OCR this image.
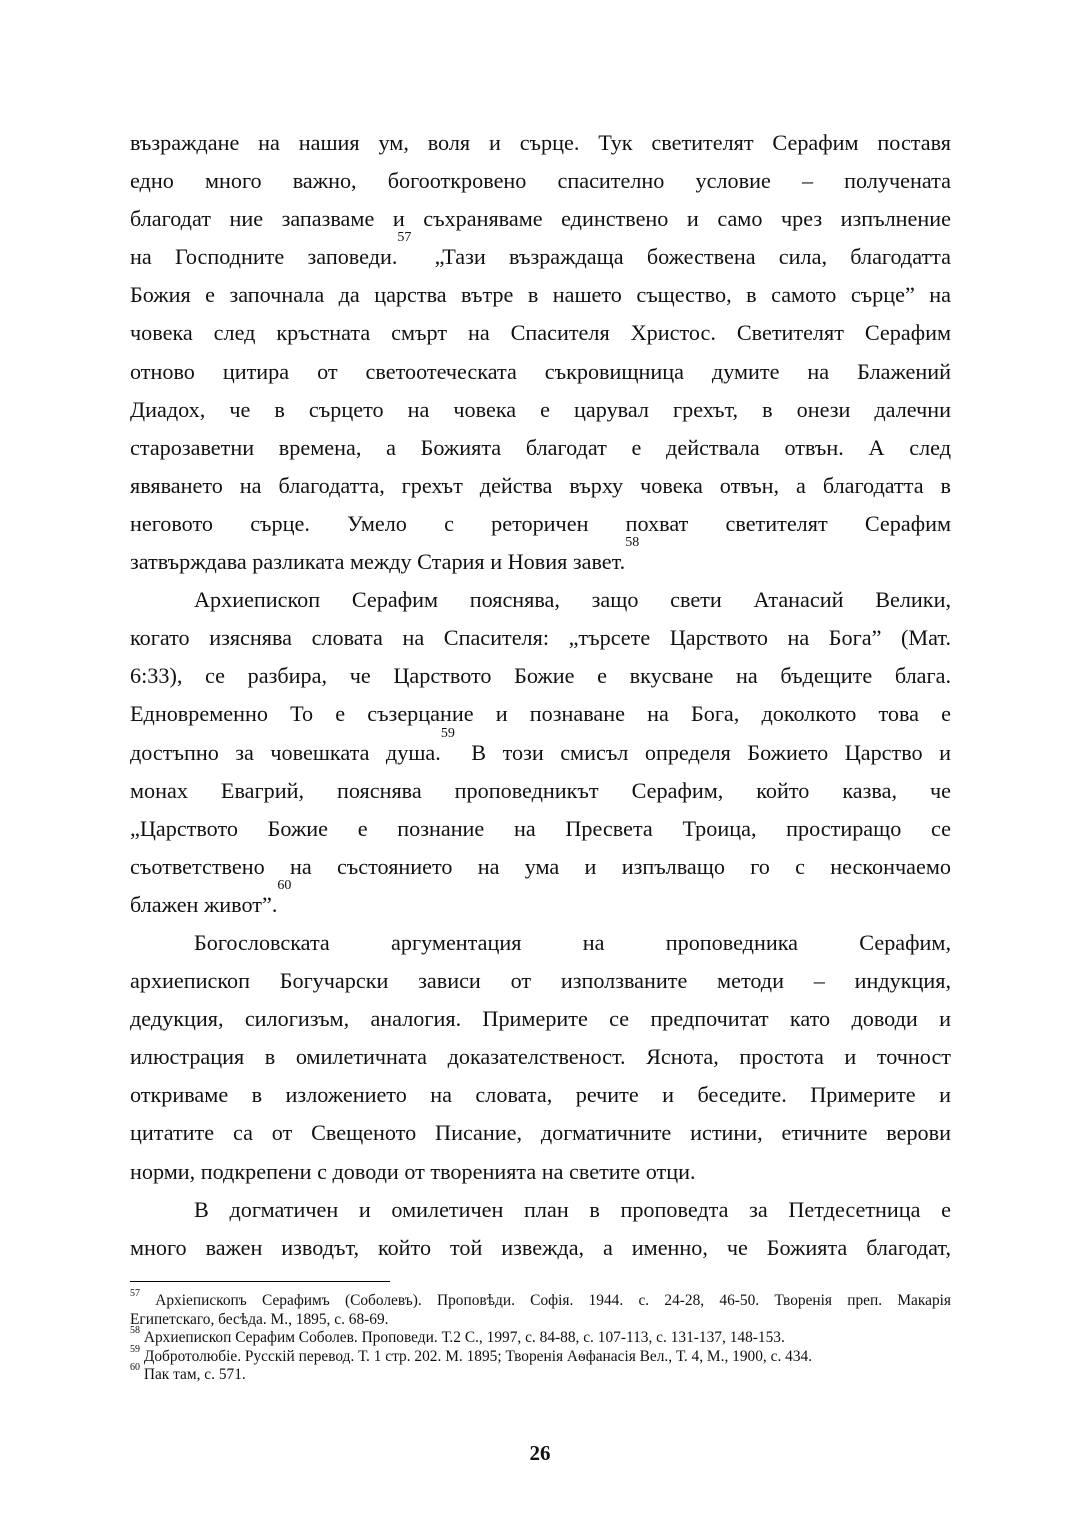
възраждане на нашия ум, воля и сърце. Тук светителят Серафим поставя
едно много важно, богооткровено спасително условие – получената
благодат ние запазваме и съхраняваме единствено и само чрез изпълнение
на Господните заповеди.$^{57}$ „Тази възраждаща божествена сила, благодатта
Божия е започнала да царства вътре в нашето същество, в самото сърце” на
човека след кръстната смърт на Спасителя Христос. Светителят Серафим
отново цитира от светоотеческата съкровищница думите на Блажений
Диадох, че в сърцето на човека е царувал грехът, в онези далечни
старозаветни времена, а Божията благодат е действала отвън. А след
явяването на благодатта, грехът действа върху човека отвън, а благодатта в
неговото сърце. Умело с реторичен похват светителят Серафим
затвърждава разликата между Стария и Новия завет.$^{58}$
Архиепископ Серафим пояснява, защо свети Атанасий Велики,
когато изяснява словата на Спасителя: „търсете Царството на Бога” (Мат.
6:33), се разбира, че Царството Божие е вкусване на бъдещите блага.
Едновременно То е съзерцание и познаване на Бога, доколкото това е
достъпно за човешката душа.$^{59}$ В този смисъл определя Божието Царство и
монах Евагрий, пояснява проповедникът Серафим, който казва, че
„Царството Божие е познание на Пресвета Троица, простиращо се
съответствено на състоянието на ума и изпълващо го с нескончаемо
блажен живот”.$^{60}$
Богословската аргументация на проповедника Серафим,
архиепископ Богучарски зависи от използваните методи – индукция,
дедукция, силогизъм, аналогия. Примерите се предпочитат като доводи и
илюстрация в омилетичната доказателственост. Яснота, простота и точност
откриваме в изложението на словата, речите и беседите. Примерите и
цитатите са от Свещеното Писание, догматичните истини, етичните верови
норми, подкрепени с доводи от творенията на светите отци.
В догматичен и омилетичен план в проповедта за Петдесетница е
много важен изводът, който той извежда, а именно, че Божията благодат,
$^{57}$ Архіепископъ Серафимъ (Соболевъ). Проповѣди. Софія. 1944. с. 24-28, 46-50. Творенія преп. Макарія
Египетскаго, бесѣда. М., 1895, с. 68-69.
$^{58}$ Архиепископ Серафим Соболев. Проповеди. Т.2 С., 1997, с. 84-88, с. 107-113, с. 131-137, 148-153.
$^{59}$ Добротолюбіе. Русскій перевод. Т. 1 стр. 202. М. 1895; Творенія Аѳфанасія Вел., Т. 4, М., 1900, с. 434.
$^{60}$ Пак там, с. 571.
26
